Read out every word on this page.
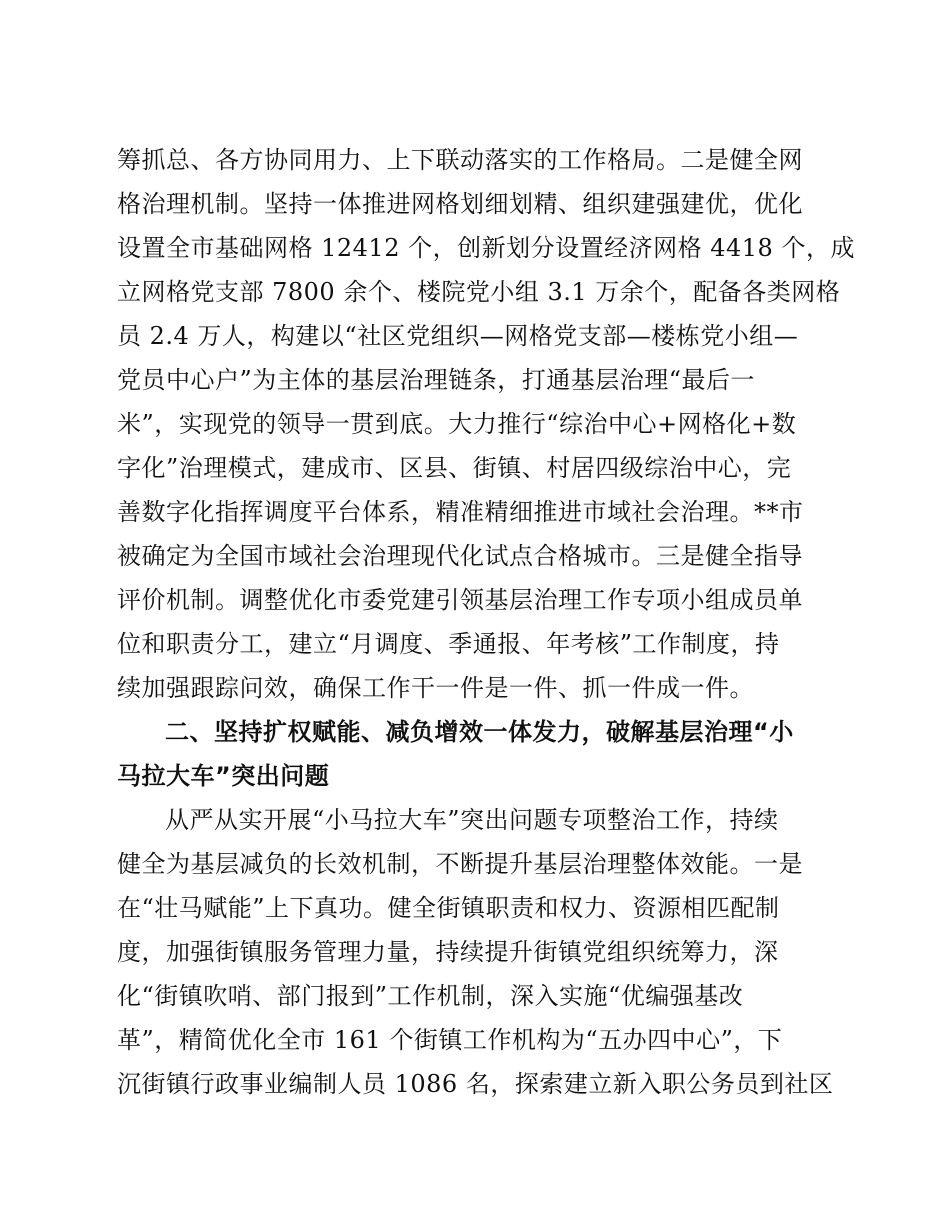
筹抓总、各方协同用力、上下联动落实的工作格局。二是健全网
格治理机制。坚持一体推进网格划细划精、组织建强建优，优化
设置全市基础网格 12412 个，创新划分设置经济网格 4418 个，成
立网格党支部 7800 余个、楼院党小组 3.1 万余个，配备各类网格
员 2.4 万人，构建以“社区党组织—网格党支部—楼栋党小组—
党员中心户”为主体的基层治理链条，打通基层治理“最后一
米”，实现党的领导一贯到底。大力推行“综治中心+网格化+数
字化”治理模式，建成市、区县、街镇、村居四级综治中心，完
善数字化指挥调度平台体系，精准精细推进市域社会治理。**市
被确定为全国市域社会治理现代化试点合格城市。三是健全指导
评价机制。调整优化市委党建引领基层治理工作专项小组成员单
位和职责分工，建立“月调度、季通报、年考核”工作制度，持
续加强跟踪问效，确保工作干一件是一件、抓一件成一件。
二、坚持扩权赋能、减负增效一体发力，破解基层治理“小
马拉大车”突出问题
从严从实开展“小马拉大车”突出问题专项整治工作，持续
健全为基层减负的长效机制，不断提升基层治理整体效能。一是
在“壮马赋能”上下真功。健全街镇职责和权力、资源相匹配制
度，加强街镇服务管理力量，持续提升街镇党组织统筹力，深
化“街镇吹哨、部门报到”工作机制，深入实施“优编强基改
革”，精简优化全市 161 个街镇工作机构为“五办四中心”，下
沉街镇行政事业编制人员 1086 名，探索建立新入职公务员到社区
